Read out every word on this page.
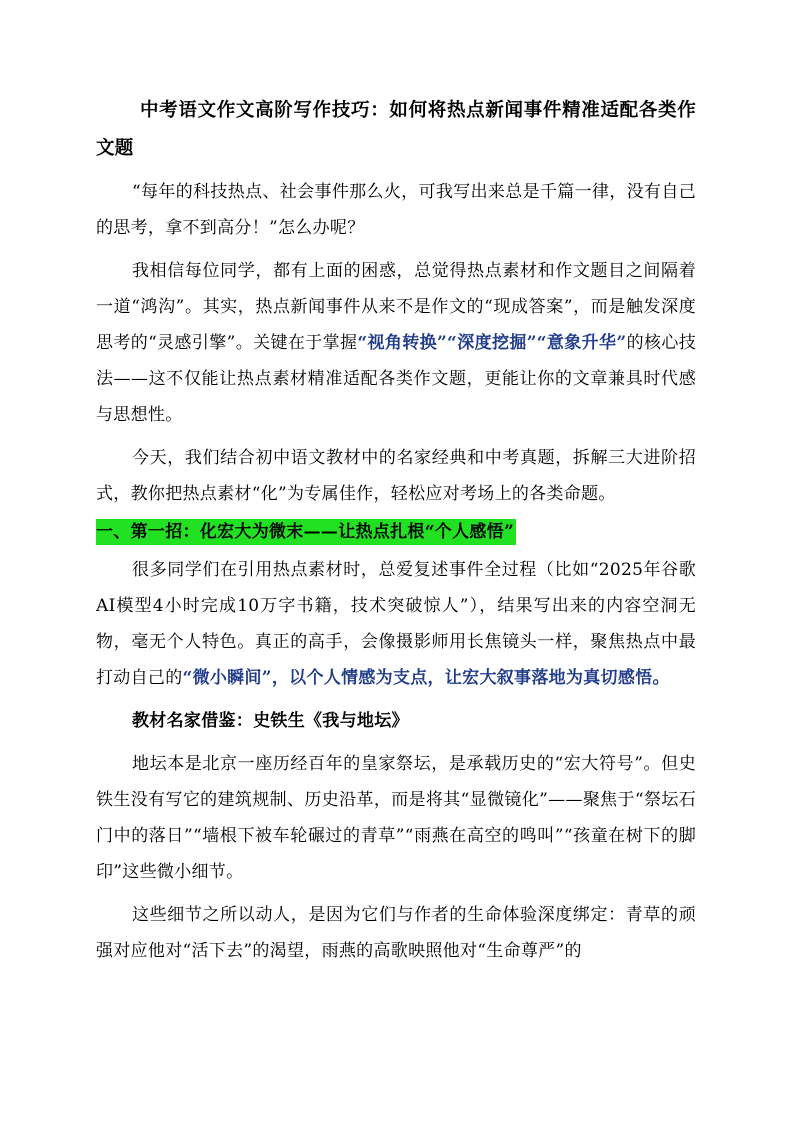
中考语文作文高阶写作技巧：如何将热点新闻事件精准适配各类作文题

“每年的科技热点、社会事件那么火，可我写出来总是千篇一律，没有自己的思考，拿不到高分！”怎么办呢？

我相信每位同学，都有上面的困惑，总觉得热点素材和作文题目之间隔着一道“鸿沟”。其实，热点新闻事件从来不是作文的“现成答案”，而是触发深度思考的“灵感引擎”。关键在于掌握“视角转换”“深度挖掘”“意象升华”的核心技法——这不仅能让热点素材精准适配各类作文题，更能让你的文章兼具时代感与思想性。

今天，我们结合初中语文教材中的名家经典和中考真题，拆解三大进阶招式，教你把热点素材“化”为专属佳作，轻松应对考场上的各类命题。

一、第一招：化宏大为微末——让热点扎根“个人感悟”

很多同学们在引用热点素材时，总爱复述事件全过程（比如“2025年谷歌AI模型4小时完成10万字书籍，技术突破惊人”），结果写出来的内容空洞无物，毫无个人特色。真正的高手，会像摄影师用长焦镜头一样，聚焦热点中最打动自己的“微小瞬间”，以个人情感为支点，让宏大叙事落地为真切感悟。

教材名家借鉴：史铁生《我与地坛》

地坛本是北京一座历经百年的皇家祭坛，是承载历史的“宏大符号”。但史铁生没有写它的建筑规制、历史沿革，而是将其“显微镜化”——聚焦于“祭坛石门中的落日”“墙根下被车轮碾过的青草”“雨燕在高空的鸣叫”“孩童在树下的脚印”这些微小细节。

这些细节之所以动人，是因为它们与作者的生命体验深度绑定：青草的顽强对应他对“活下去”的渴望，雨燕的高歌映照他对“生命尊严”的
